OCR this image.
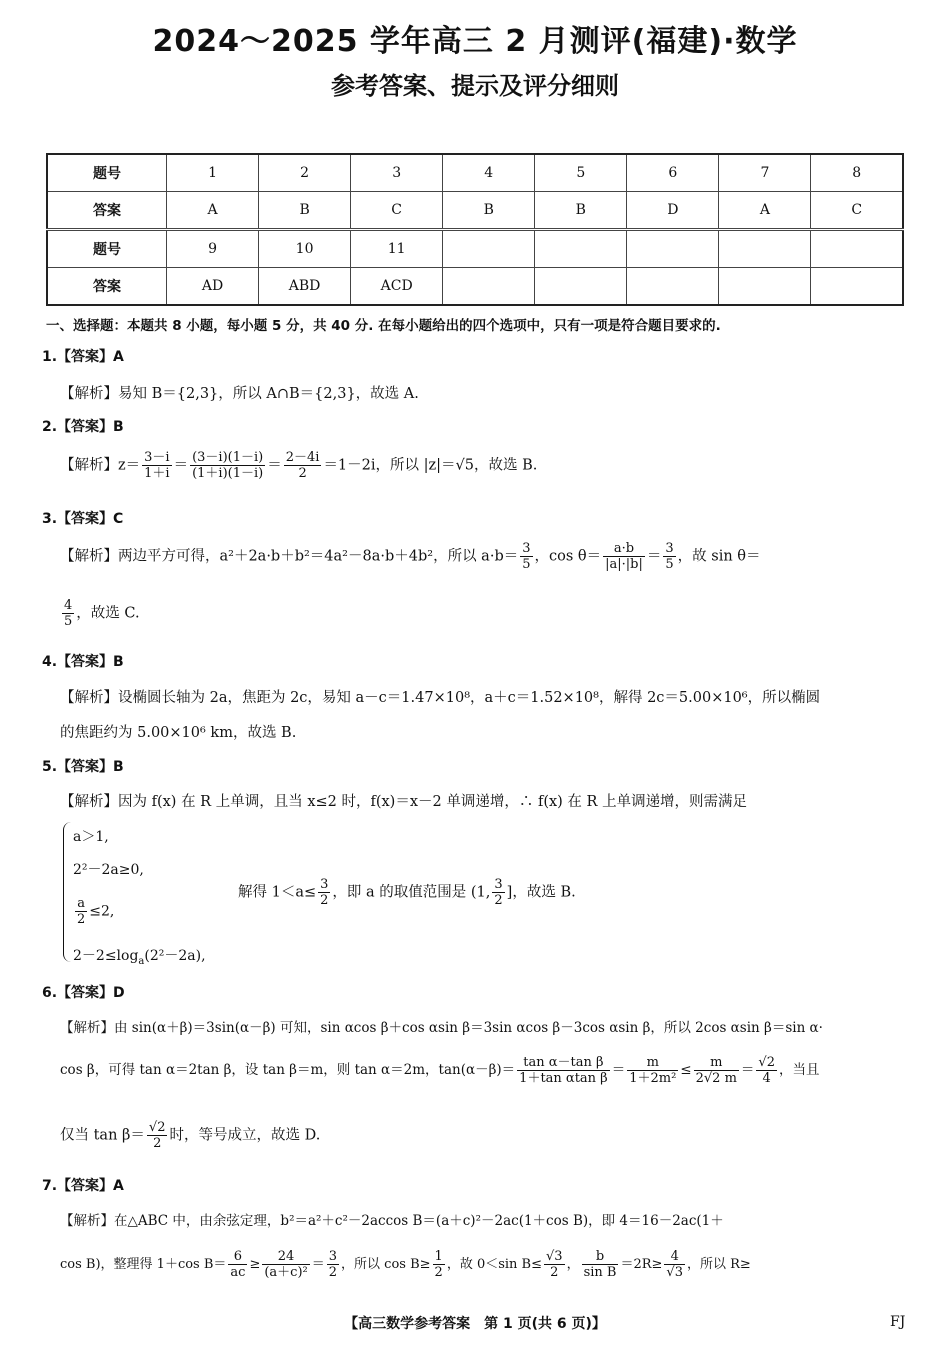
2024～2025 学年高三 2 月测评(福建)·数学
参考答案、提示及评分细则
题号	1	2	3	4	5	6	7	8
答案	A	B	C	B	B	D	A	C
题号	9	10	11					
答案	AD	ABD	ACD					
一、选择题：本题共 8 小题，每小题 5 分，共 40 分. 在每小题给出的四个选项中，只有一项是符合题目要求的.
1.【答案】A
【解析】易知 B＝{2,3}，所以 A∩B＝{2,3}，故选 A.
2.【答案】B
【解析】$z= \frac{3-i}{1+i} = \frac{(3-i)(1-i)}{(1+i)(1-i)} = \frac{2-4i}{2} =1-2i$，所以 |z|＝√5，故选 B.
3.【答案】C
【解析】两边平方可得，a²＋2a·b＋b²＝4a²－8a·b＋4b²，所以 $a\cdot b= \frac{3}{5}$ ，$\cos \theta= \frac{a\cdot b}{|a|\cdot|b|} = \frac{3}{5}$ ，故 sin θ＝
$\frac{4}{5}$ ，故选 C.
4.【答案】B
【解析】设椭圆长轴为 2a，焦距为 2c，易知 a－c＝1.47×10⁸，a＋c＝1.52×10⁸，解得 2c＝5.00×10⁶，所以椭圆
的焦距约为 5.00×10⁶ km，故选 B.
5.【答案】B
【解析】因为 f(x) 在 R 上单调，且当 x≤2 时，f(x)＝x－2 单调递增，∴ f(x) 在 R 上单调递增，则需满足
a＞1,
2²－2a≥0,
$\frac{a}{2} \le 2$,
$2-2\le\log_a(2^2-2a)$,
解得 $1<a\le \frac{3}{2}$ ，即 a 的取值范围是 (1, $\frac{3}{2}$ ]，故选 B.
6.【答案】D
【解析】由 sin(α＋β)＝3sin(α－β) 可知，sin αcos β＋cos αsin β＝3sin αcos β－3cos αsin β，所以 2cos αsin β＝sin α·
cos β，可得 tan α＝2tan β，设 tan β＝m，则 tan α＝2m，$\tan(\alpha-\beta)= \frac{\text{tan α－tan β}}{\text{1＋tan αtan β}} = \frac{m}{\text{1＋2m²}} \le \frac{m}{2√2 m} = \frac{√2}{4}$ ，当且
仅当 $\tan \beta= \frac{√2}{2}$ 时，等号成立，故选 D.
7.【答案】A
【解析】在△ABC 中，由余弦定理，b²＝a²＋c²－2accos B＝(a＋c)²－2ac(1＋cos B)，即 4＝16－2ac(1＋
cos B)，整理得 1＋cos $B= \frac{6}{ac} \ge \frac{24}{\text{(a＋c)²}} = \frac{3}{2}$ ，所以 $\cos B\ge \frac{1}{2}$ ，故 0＜sin $B\le \frac{√3}{2}$ ， $\frac{b}{\text{sin B}} =2R\ge \frac{4}{√3}$ ，所以 R≥
【高三数学参考答案　第 1 页(共 6 页)】	FJ
